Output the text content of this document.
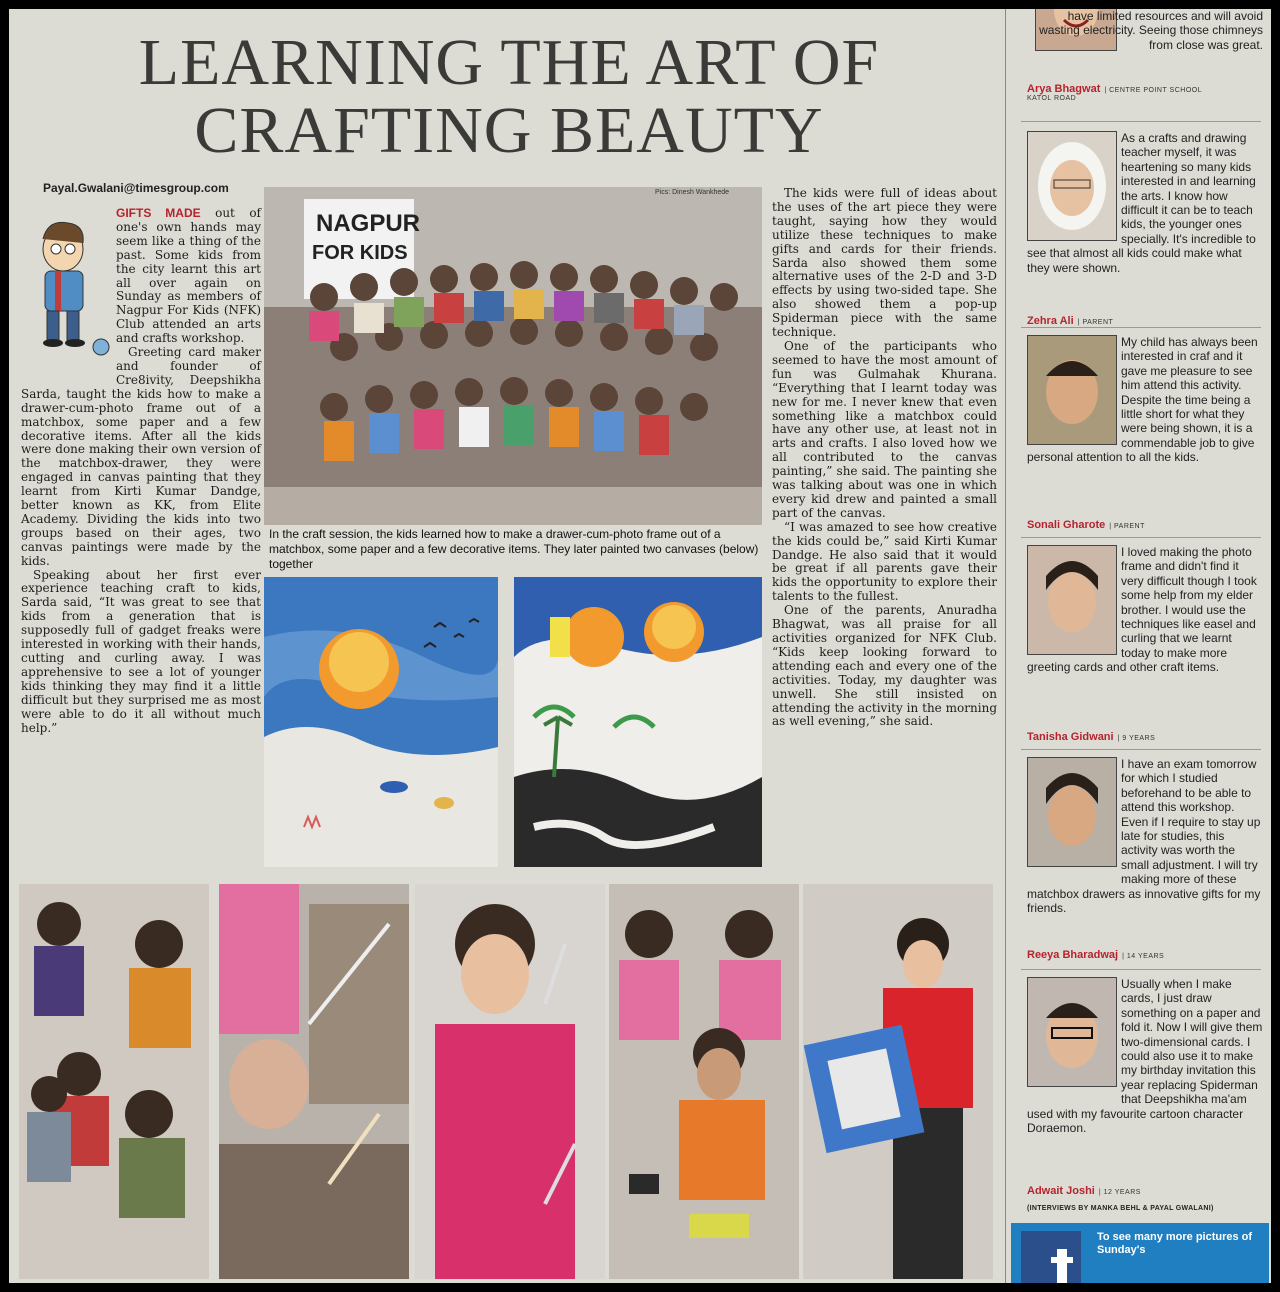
LEARNING THE ART OF
CRAFTING BEAUTY
Payal.Gwalani@timesgroup.com

GIFTS MADE out of one's own hands may seem like a thing of the past. Some kids from the city learnt this art all over again on Sunday as members of Nagpur For Kids (NFK) Club attended an arts and crafts workshop.

Greeting card maker and founder of Cre8ivity, Deepshikha Sarda, taught the kids how to make a drawer-cum-photo frame out of a matchbox, some paper and a few decorative items. After all the kids were done making their own version of the matchbox-drawer, they were engaged in canvas painting that they learnt from Kirti Kumar Dandge, better known as KK, from Elite Academy. Dividing the kids into two groups based on their ages, two canvas paintings were made by the kids.

Speaking about her first ever experience teaching craft to kids, Sarda said, “It was great to see that kids from a generation that is supposedly full of gadget freaks were interested in working with their hands, cutting and curling away. I was apprehensive to see a lot of younger kids thinking they may find it a little difficult but they surprised me as most were able to do it all without much help.”

NAGPUR
FOR KIDS
Pics: Dinesh Wankhede
In the craft session, the kids learned how to make a drawer-cum-photo frame out of a matchbox, some paper and a few decorative items. They later painted two canvases (below) together

The kids were full of ideas about the uses of the art piece they were taught, saying how they would utilize these techniques to make gifts and cards for their friends. Sarda also showed them some alternative uses of the 2-D and 3-D effects by using two-sided tape. She also showed them a pop-up Spiderman piece with the same technique.

One of the participants who seemed to have the most amount of fun was Gulmahak Khurana. “Everything that I learnt today was new for me. I never knew that even something like a matchbox could have any other use, at least not in arts and crafts. I also loved how we all contributed to the canvas painting,” she said. The painting she was talking about was one in which every kid drew and painted a small part of the canvas.

“I was amazed to see how creative the kids could be,” said Kirti Kumar Dandge. He also said that it would be great if all parents gave their kids the opportunity to explore their talents to the fullest.

One of the parents, Anuradha Bhagwat, was all praise for all activities organized for NFK Club. “Kids keep looking forward to attending each and every one of the activities. Today, my daughter was unwell. She still insisted on attending the activity in the morning as well evening,” she said.

have limited resources and will avoid wasting electricity. Seeing those chimneys from close was great.
Arya Bhagwat | CENTRE POINT SCHOOL
KATOL ROAD
As a crafts and drawing teacher myself, it was heartening so many kids interested in and learning the arts. I know how difficult it can be to teach kids, the younger ones specially. It's incredible to see that almost all kids could make what they were shown.
Zehra Ali | PARENT
My child has always been interested in craf and it gave me pleasure to see him attend this activity. Despite the time being a little short for what they were being shown, it is a commendable job to give personal attention to all the kids.
Sonali Gharote | PARENT
I loved making the photo frame and didn't find it very difficult though I took some help from my elder brother. I would use the techniques like easel and curling that we learnt today to make more greeting cards and other craft items.
Tanisha Gidwani | 9 YEARS
I have an exam tomorrow for which I studied beforehand to be able to attend this workshop. Even if I require to stay up late for studies, this activity was worth the small adjustment. I will try making more of these matchbox drawers as innovative gifts for my friends.
Reeya Bharadwaj | 14 YEARS
Usually when I make cards, I just draw something on a paper and fold it. Now I will give them two-dimensional cards. I could also use it to make my birthday invitation this year replacing Spiderman that Deepshikha ma'am used with my favourite cartoon character Doraemon.
Adwait Joshi | 12 YEARS
(INTERVIEWS BY MANKA BEHL & PAYAL GWALANI)
To see many more pictures of Sunday's
